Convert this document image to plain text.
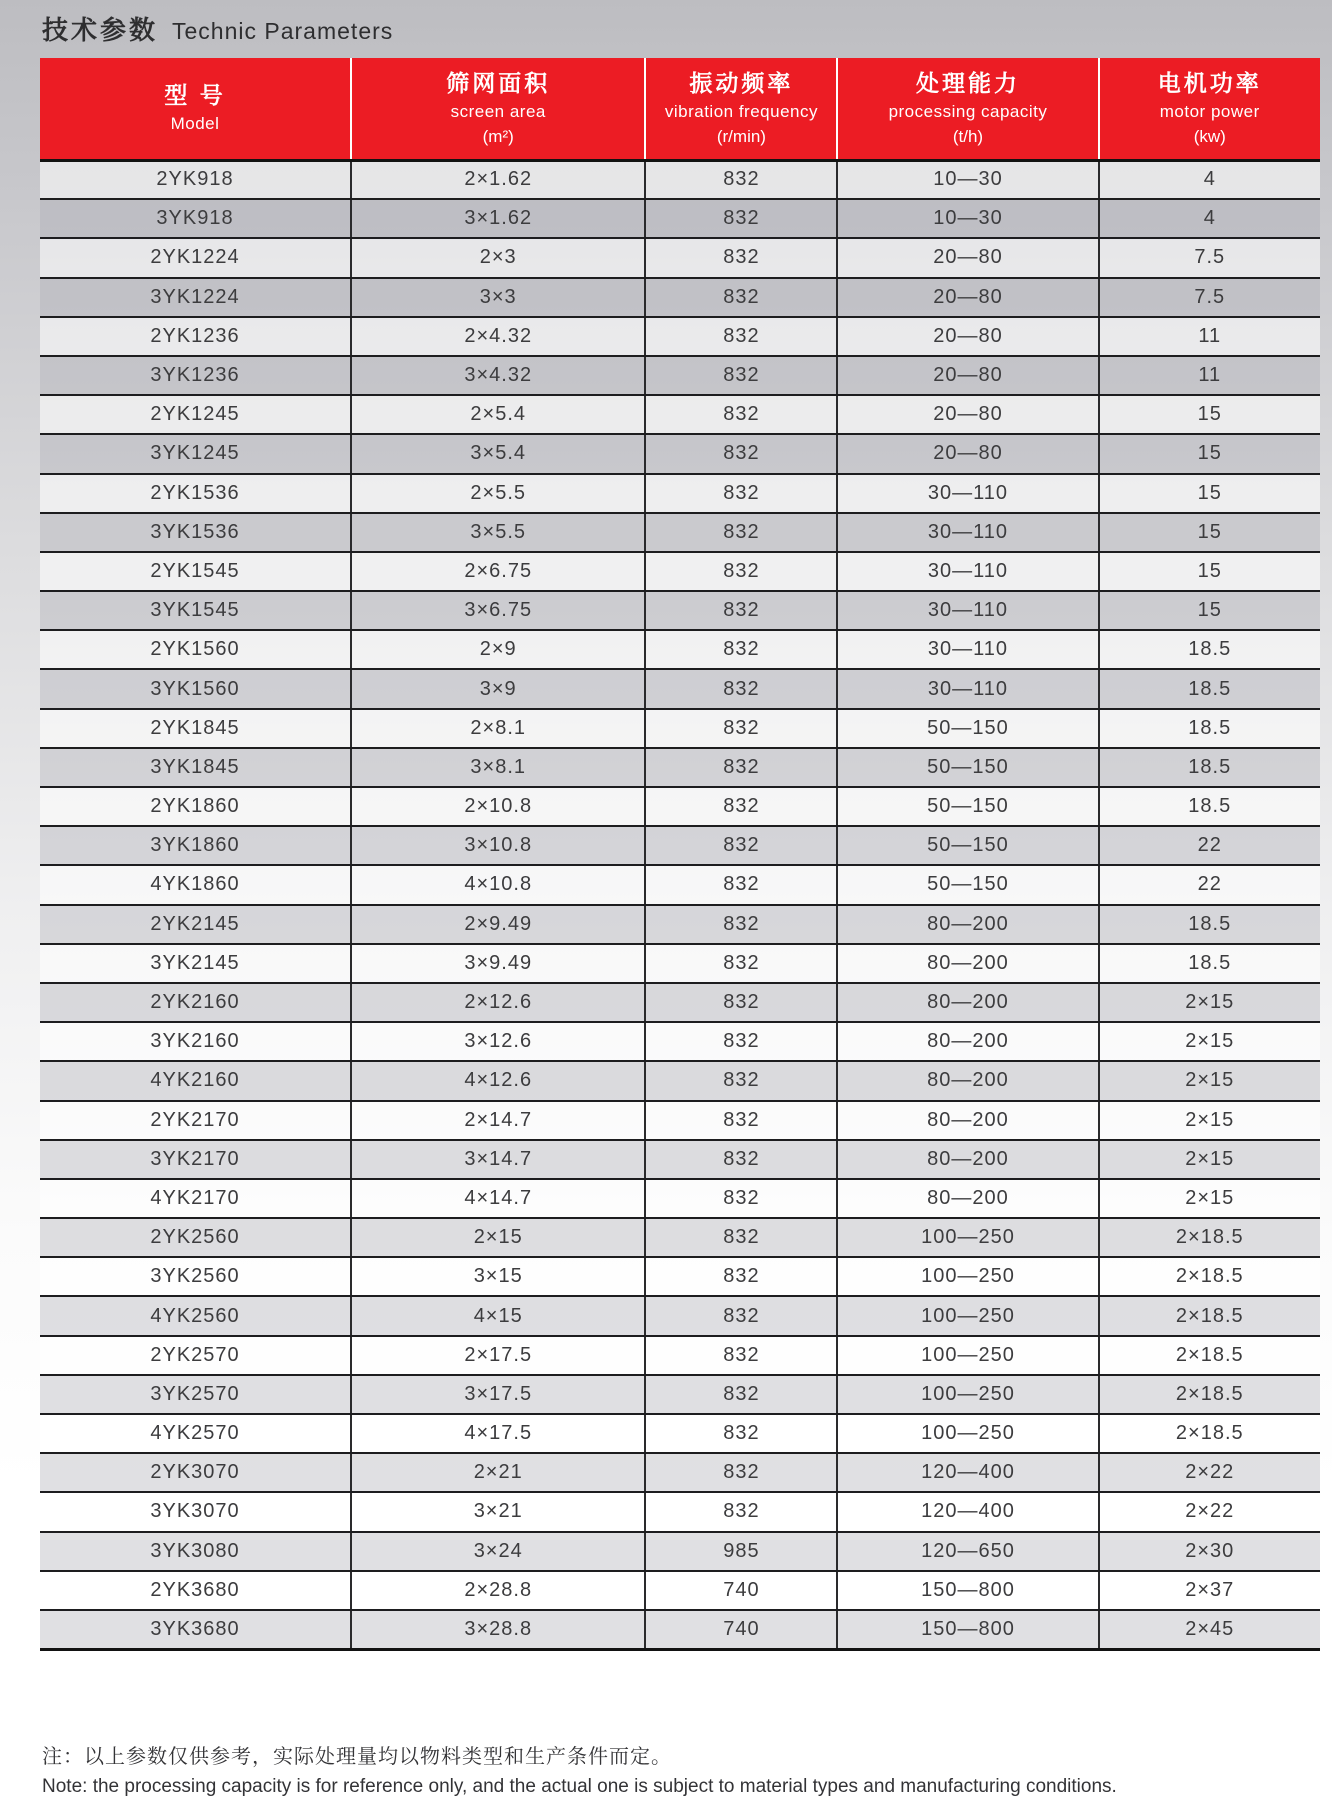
技术参数 Technic Parameters
型 号
Model

筛网面积
screen area
(m²)

振动频率
vibration frequency
(r/min)

处理能力
processing capacity
(t/h)

电机功率
motor power
(kw)

2YK918	2×1.62	832	10—30	4
3YK918	3×1.62	832	10—30	4
2YK1224	2×3	832	20—80	7.5
3YK1224	3×3	832	20—80	7.5
2YK1236	2×4.32	832	20—80	11
3YK1236	3×4.32	832	20—80	11
2YK1245	2×5.4	832	20—80	15
3YK1245	3×5.4	832	20—80	15
2YK1536	2×5.5	832	30—110	15
3YK1536	3×5.5	832	30—110	15
2YK1545	2×6.75	832	30—110	15
3YK1545	3×6.75	832	30—110	15
2YK1560	2×9	832	30—110	18.5
3YK1560	3×9	832	30—110	18.5
2YK1845	2×8.1	832	50—150	18.5
3YK1845	3×8.1	832	50—150	18.5
2YK1860	2×10.8	832	50—150	18.5
3YK1860	3×10.8	832	50—150	22
4YK1860	4×10.8	832	50—150	22
2YK2145	2×9.49	832	80—200	18.5
3YK2145	3×9.49	832	80—200	18.5
2YK2160	2×12.6	832	80—200	2×15
3YK2160	3×12.6	832	80—200	2×15
4YK2160	4×12.6	832	80—200	2×15
2YK2170	2×14.7	832	80—200	2×15
3YK2170	3×14.7	832	80—200	2×15
4YK2170	4×14.7	832	80—200	2×15
2YK2560	2×15	832	100—250	2×18.5
3YK2560	3×15	832	100—250	2×18.5
4YK2560	4×15	832	100—250	2×18.5
2YK2570	2×17.5	832	100—250	2×18.5
3YK2570	3×17.5	832	100—250	2×18.5
4YK2570	4×17.5	832	100—250	2×18.5
2YK3070	2×21	832	120—400	2×22
3YK3070	3×21	832	120—400	2×22
3YK3080	3×24	985	120—650	2×30
2YK3680	2×28.8	740	150—800	2×37
3YK3680	3×28.8	740	150—800	2×45
注：以上参数仅供参考，实际处理量均以物料类型和生产条件而定。
Note: the processing capacity is for reference only, and the actual one is subject to material types and manufacturing conditions.
